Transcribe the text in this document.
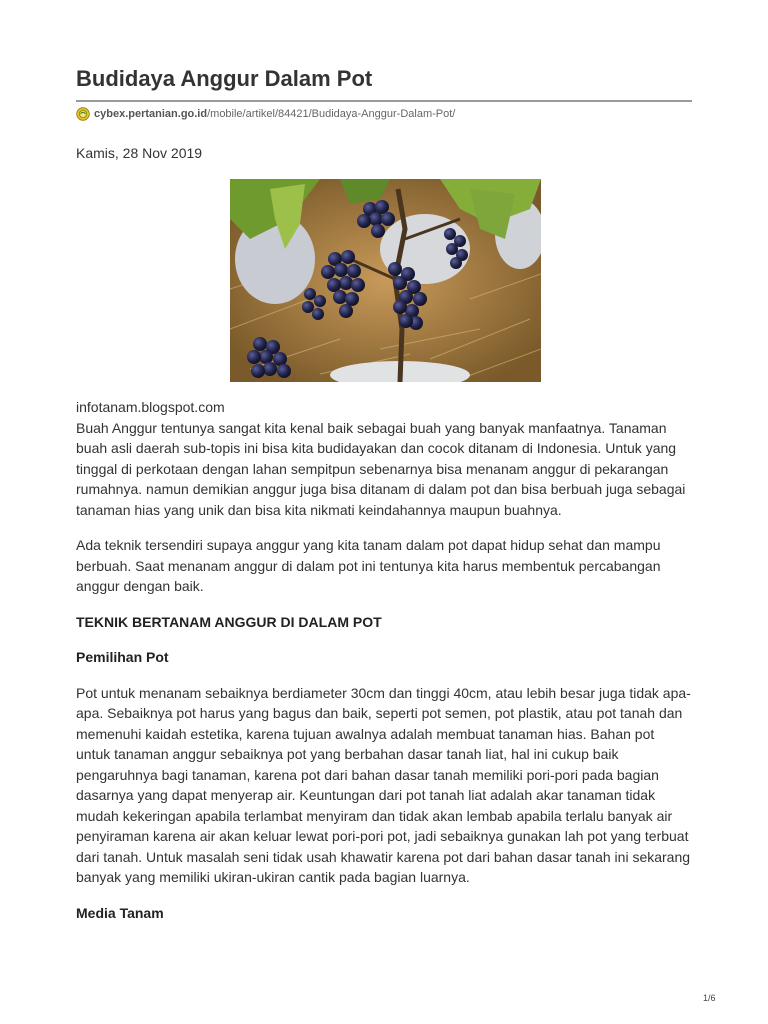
Budidaya Anggur Dalam Pot
cybex.pertanian.go.id /mobile/artikel/84421/Budidaya-Anggur-Dalam-Pot/
Kamis, 28 Nov 2019

infotanam.blogspot.com

Buah Anggur tentunya sangat kita kenal baik sebagai buah yang banyak manfaatnya. Tanaman buah asli daerah sub-topis ini bisa kita budidayakan dan cocok ditanam di Indonesia. Untuk yang tinggal di perkotaan dengan lahan sempitpun sebenarnya bisa menanam anggur di pekarangan rumahnya. namun demikian anggur juga bisa ditanam di dalam pot dan bisa berbuah juga sebagai tanaman hias yang unik dan bisa kita nikmati keindahannya maupun buahnya.

Ada teknik tersendiri supaya anggur yang kita tanam dalam pot dapat hidup sehat dan mampu berbuah. Saat menanam anggur di dalam pot ini tentunya kita harus membentuk percabangan anggur dengan baik.

TEKNIK BERTANAM ANGGUR DI DALAM POT
Pemilihan Pot

Pot untuk menanam sebaiknya berdiameter 30cm dan tinggi 40cm, atau lebih besar juga tidak apa-apa. Sebaiknya pot harus yang bagus dan baik, seperti pot semen, pot plastik, atau pot tanah dan memenuhi kaidah estetika, karena tujuan awalnya adalah membuat tanaman hias. Bahan pot untuk tanaman anggur sebaiknya pot yang berbahan dasar tanah liat, hal ini cukup baik pengaruhnya bagi tanaman, karena pot dari bahan dasar tanah memiliki pori-pori pada bagian dasarnya yang dapat menyerap air. Keuntungan dari pot tanah liat adalah akar tanaman tidak mudah kekeringan apabila terlambat menyiram dan tidak akan lembab apabila terlalu banyak air penyiraman karena air akan keluar lewat pori-pori pot, jadi sebaiknya gunakan lah pot yang terbuat dari tanah. Untuk masalah seni tidak usah khawatir karena pot dari bahan dasar tanah ini sekarang banyak yang memiliki ukiran-ukiran cantik pada bagian luarnya.

Media Tanam
1/6
